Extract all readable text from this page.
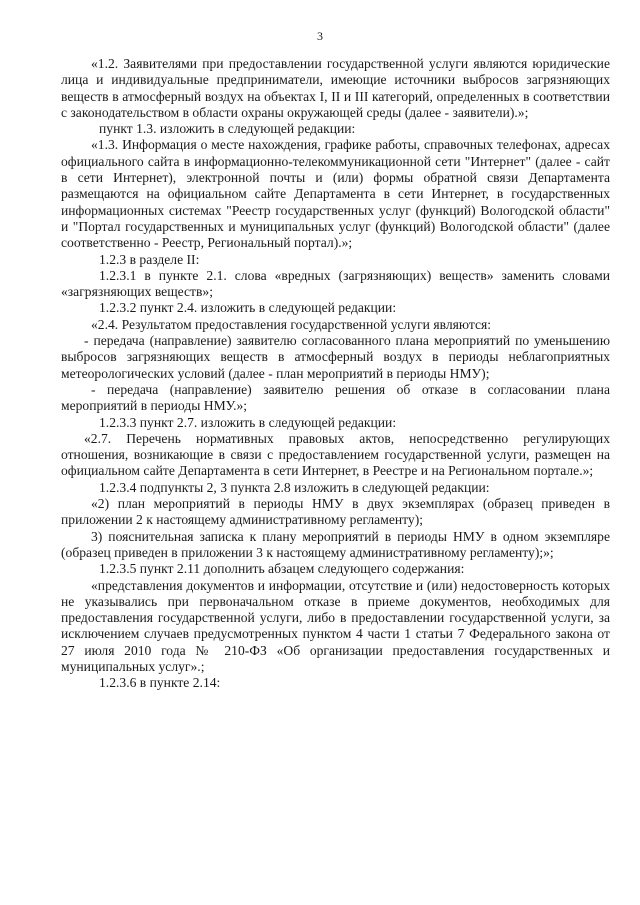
3

«1.2. Заявителями при предоставлении государственной услуги являются юридические лица и индивидуальные предприниматели, имеющие источники выбросов загрязняющих веществ в атмосферный воздух на объектах I, II и III категорий, определенных в соответствии с законодательством в области охраны окружающей среды (далее - заявители).»;

пункт 1.3. изложить в следующей редакции:

«1.3. Информация о месте нахождения, графике работы, справочных телефонах, адресах официального сайта в информационно-телекоммуникационной сети "Интернет" (далее - сайт в сети Интернет), электронной почты и (или) формы обратной связи Департамента размещаются на официальном сайте Департамента в сети Интернет, в государственных информационных системах "Реестр государственных услуг (функций) Вологодской области" и "Портал государственных и муниципальных услуг (функций) Вологодской области" (далее соответственно - Реестр, Региональный портал).»;

1.2.3 в разделе II:

1.2.3.1 в пункте 2.1. слова «вредных (загрязняющих) веществ» заменить словами «загрязняющих веществ»;

1.2.3.2 пункт 2.4. изложить в следующей редакции:

«2.4. Результатом предоставления государственной услуги являются:

- передача (направление) заявителю согласованного плана мероприятий по уменьшению выбросов загрязняющих веществ в атмосферный воздух в периоды неблагоприятных метеорологических условий (далее - план мероприятий в периоды НМУ);

- передача (направление) заявителю решения об отказе в согласовании плана мероприятий в периоды НМУ.»;

1.2.3.3 пункт 2.7. изложить в следующей редакции:

«2.7. Перечень нормативных правовых актов, непосредственно регулирующих отношения, возникающие в связи с предоставлением государственной услуги, размещен на официальном сайте Департамента в сети Интернет, в Реестре и на Региональном портале.»;

1.2.3.4 подпункты 2, 3 пункта 2.8 изложить в следующей редакции:

«2) план мероприятий в периоды НМУ в двух экземплярах (образец приведен в приложении 2 к настоящему административному регламенту);

3) пояснительная записка к плану мероприятий в периоды НМУ в одном экземпляре (образец приведен в приложении 3 к настоящему административному регламенту);»;

1.2.3.5 пункт 2.11 дополнить абзацем следующего содержания:

«представления документов и информации, отсутствие и (или) недостоверность которых не указывались при первоначальном отказе в приеме документов, необходимых для предоставления государственной услуги, либо в предоставлении государственной услуги, за исключением случаев предусмотренных пунктом 4 части 1 статьи 7 Федерального закона от 27 июля 2010 года № 210-ФЗ «Об организации предоставления государственных и муниципальных услуг».;

1.2.3.6 в пункте 2.14:
